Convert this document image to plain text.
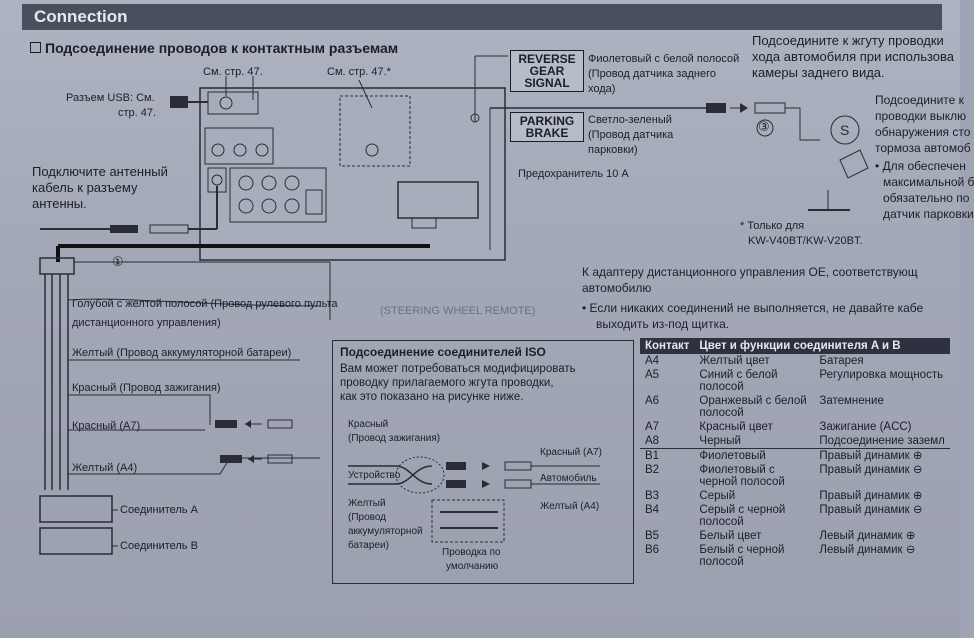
Connection
Подсоединение проводов к контактным разъемам
S
См. стр. 47.	См. стр. 47.*
Разъем USB: См.
стр. 47.
Подключите антенный
кабель к разъему
антенны.
Предохранитель 10 А
①
(STEERING WHEEL REMOTE)
③
REVERSE
GEAR
SIGNAL
Фиолетовый с белой полосой
(Провод датчика заднего
хода)
PARKING
BRAKE
Светло-зеленый
(Провод датчика
парковки)
Подсоедините к жгуту проводки
хода автомобиля при использова
камеры заднего вида.
Подсоедините к
проводки выклю
обнаружения сто
тормоза автомоб
• Для обеспечен
максимальной б
обязательно по
датчик парковки
* Только для
KW-V40BT/KW-V20BT.
К адаптеру дистанционного управления ОЕ, соответствующ
автомобилю
• Если никаких соединений не выполняется, не давайте кабе
выходить из-под щитка.
Голубой с желтой полосой (Провод рулевого пульта
дистанционного управления)
Желтый (Провод аккумуляторной батареи)
Красный (Провод зажигания)
Красный (A7)
Желтый (A4)
Соединитель A
Соединитель B
Подсоединение соединителей ISO
Вам может потребоваться модифицировать
проводку прилагаемого жгута проводки,
как это показано на рисунке ниже.
Красный
(Провод зажигания)
Устройство
Желтый
(Провод
аккумуляторной
батареи)
Красный (A7)
Автомобиль
Желтый (A4)
Проводка по
умолчанию
Контакт	Цвет и функции соединителя A и B	
A4	Желтый цвет	Батарея
A5	Синий с белой полосой	Регулировка мощность
A6	Оранжевый с белой полосой	Затемнение
A7	Красный цвет	Зажигание (ACC)
A8	Черный	Подсоединение заземл
B1	Фиолетовый	Правый динамик ⊕
B2	Фиолетовый с черной полосой	Правый динамик ⊖
B3	Серый	Правый динамик ⊕
B4	Серый с черной полосой	Правый динамик ⊖
B5	Белый цвет	Левый динамик ⊕
B6	Белый с черной полосой	Левый динамик ⊖
